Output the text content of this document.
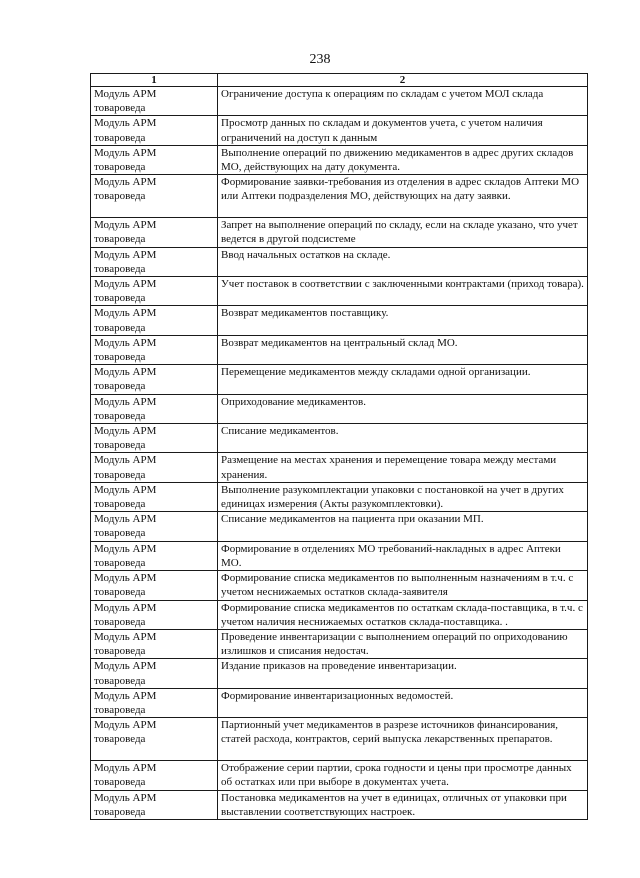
238
1	2
Модуль АРМ
товароведа	Ограничение доступа к операциям по складам с учетом МОЛ склада
Модуль АРМ
товароведа	Просмотр данных по складам и документов учета, с учетом наличия ограничений на доступ к данным
Модуль АРМ
товароведа	Выполнение операций по движению медикаментов в адрес других складов МО, действующих на дату документа.
Модуль АРМ
товароведа	Формирование заявки-требования из отделения в адрес складов Аптеки МО или Аптеки подразделения МО, действующих на дату заявки.
Модуль АРМ
товароведа	Запрет на выполнение операций по складу, если на складе указано, что учет ведется в другой подсистеме
Модуль АРМ
товароведа	Ввод начальных остатков на складе.
Модуль АРМ
товароведа	Учет поставок в соответствии с заключенными контрактами (приход товара).
Модуль АРМ
товароведа	Возврат медикаментов поставщику.
Модуль АРМ
товароведа	Возврат медикаментов на центральный склад МО.
Модуль АРМ
товароведа	Перемещение медикаментов между складами одной организации.
Модуль АРМ
товароведа	Оприходование медикаментов.
Модуль АРМ
товароведа	Списание медикаментов.
Модуль АРМ
товароведа	Размещение на местах хранения и перемещение товара между местами хранения.
Модуль АРМ
товароведа	Выполнение разукомплектации упаковки с постановкой на учет в других единицах измерения (Акты разукомплектовки).
Модуль АРМ
товароведа	Списание медикаментов на пациента при оказании МП.
Модуль АРМ
товароведа	Формирование в отделениях МО требований-накладных в адрес Аптеки МО.
Модуль АРМ
товароведа	Формирование списка медикаментов по выполненным назначениям в т.ч. с учетом неснижаемых остатков склада-заявителя
Модуль АРМ
товароведа	Формирование списка медикаментов по остаткам склада-поставщика, в т.ч. с учетом наличия неснижаемых остатков склада-поставщика. .
Модуль АРМ
товароведа	Проведение инвентаризации с выполнением операций по оприходованию излишков и списания недостач.
Модуль АРМ
товароведа	Издание приказов на проведение инвентаризации.
Модуль АРМ
товароведа	Формирование инвентаризационных ведомостей.
Модуль АРМ
товароведа	Партионный учет медикаментов в разрезе источников финансирования, статей расхода, контрактов, серий выпуска лекарственных препаратов.
Модуль АРМ
товароведа	Отображение серии партии, срока годности и цены при просмотре данных об остатках или при выборе в документах учета.
Модуль АРМ
товароведа	Постановка медикаментов на учет в единицах, отличных от упаковки при выставлении соответствующих настроек.
